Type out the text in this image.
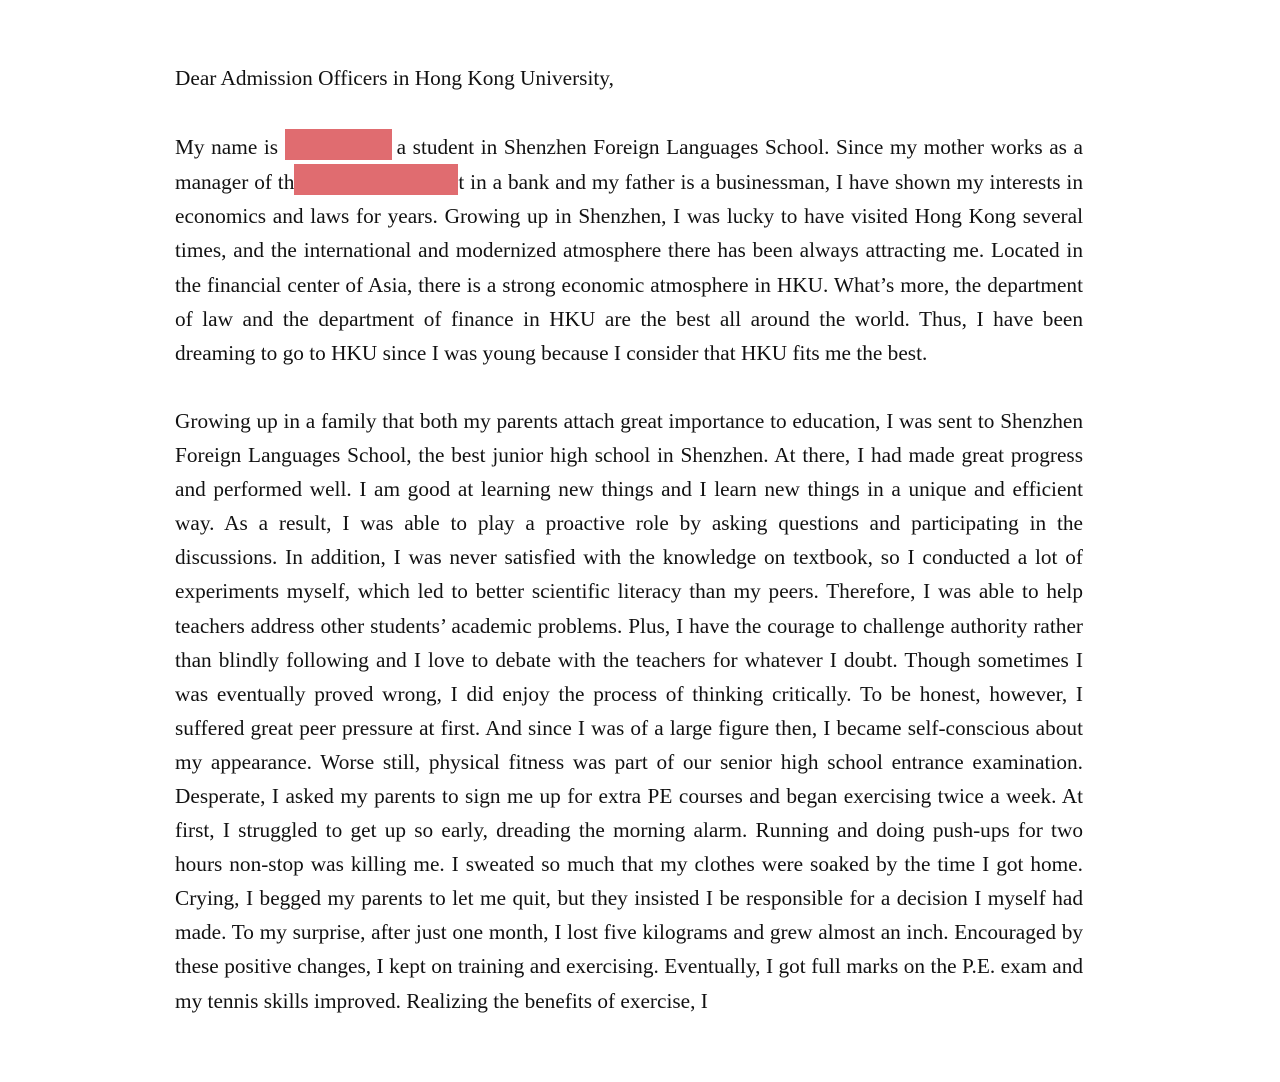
Dear Admission Officers in Hong Kong University,

My name is	a student in Shenzhen Foreign Languages School. Since my mother works as a manager of th	t in a bank and my father is a businessman, I have shown my interests in economics and laws for years. Growing up in Shenzhen, I was lucky to have visited Hong Kong several times, and the international and modernized atmosphere there has been always attracting me. Located in the financial center of Asia, there is a strong economic atmosphere in HKU. What’s more, the department of law and the department of finance in HKU are the best all around the world. Thus, I have been dreaming to go to HKU since I was young because I consider that HKU fits me the best.

Growing up in a family that both my parents attach great importance to education, I was sent to Shenzhen Foreign Languages School, the best junior high school in Shenzhen. At there, I had made great progress and performed well. I am good at learning new things and I learn new things in a unique and efficient way. As a result, I was able to play a proactive role by asking questions and participating in the discussions. In addition, I was never satisfied with the knowledge on textbook, so I conducted a lot of experiments myself, which led to better scientific literacy than my peers. Therefore, I was able to help teachers address other students’ academic problems. Plus, I have the courage to challenge authority rather than blindly following and I love to debate with the teachers for whatever I doubt. Though sometimes I was eventually proved wrong, I did enjoy the process of thinking critically. To be honest, however, I suffered great peer pressure at first. And since I was of a large figure then, I became self-conscious about my appearance. Worse still, physical fitness was part of our senior high school entrance examination. Desperate, I asked my parents to sign me up for extra PE courses and began exercising twice a week. At first, I struggled to get up so early, dreading the morning alarm. Running and doing push-ups for two hours non-stop was killing me. I sweated so much that my clothes were soaked by the time I got home. Crying, I begged my parents to let me quit, but they insisted I be responsible for a decision I myself had made. To my surprise, after just one month, I lost five kilograms and grew almost an inch. Encouraged by these positive changes, I kept on training and exercising. Eventually, I got full marks on the P.E. exam and my tennis skills improved. Realizing the benefits of exercise, I
